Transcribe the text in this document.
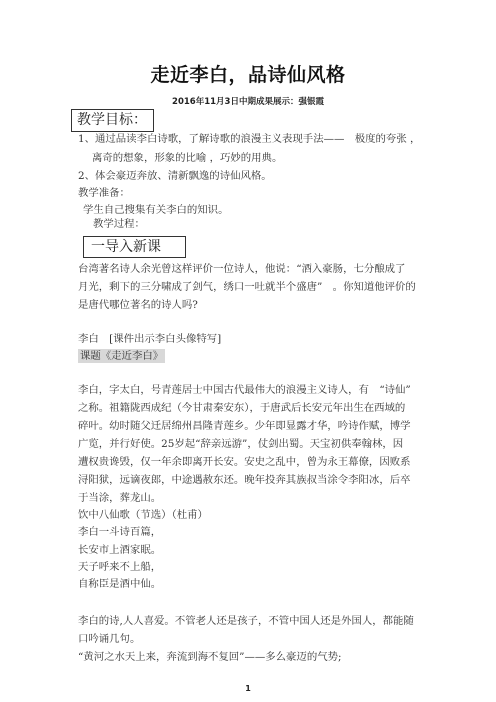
走近李白，品诗仙风格
2016年11月3日中期成果展示：强银霞
教学目标：
1、通过品读李白诗歌，了解诗歌的浪漫主义表现手法——　极度的夸张 ，
离奇的想象，形象的比喻 ，巧妙的用典。
2、体会豪迈奔放、清新飘逸的诗仙风格。
教学准备：
学生自己搜集有关李白的知识。
教学过程：
一导入新课
台湾著名诗人余光曾这样评价一位诗人，他说：“酒入豪肠，七分酿成了
月光，剩下的三分啸成了剑气，绣口一吐就半个盛唐”　。你知道他评价的
是唐代哪位著名的诗人吗?
李白　[课件出示李白头像特写]
课题《走近李白》
李白，字太白，号青莲居士中国古代最伟大的浪漫主义诗人，有　“诗仙”
之称。祖籍陇西成纪（今甘肃秦安东），于唐武后长安元年出生在西域的
碎叶。幼时随父迁居绵州昌隆青莲乡。少年即显露才华，吟诗作赋，博学
广览，并行好使。25岁起“辞亲远游”，仗剑出蜀。天宝初供奉翰林，因
遭权贵谗毁，仅一年余即离开长安。安史之乱中，曾为永王幕僚，因败系
浔阳狱，远谪夜郎，中途遇赦东还。晚年投奔其族叔当涂令李阳冰，后卒
于当涂，葬龙山。
饮中八仙歌（节选）（杜甫）
李白一斗诗百篇，
长安市上酒家眠。
天子呼来不上船，
自称臣是酒中仙。
李白的诗,人人喜爱。不管老人还是孩子，不管中国人还是外国人，都能随
口吟诵几句。
“黄河之水天上来，奔流到海不复回”——多么豪迈的气势;
1
